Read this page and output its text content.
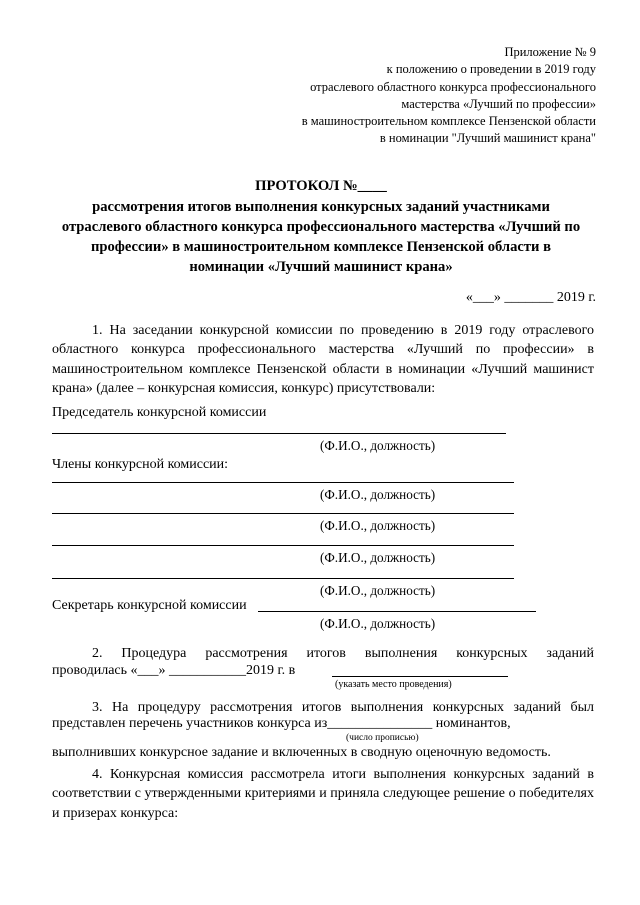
Приложение № 9
к положению о проведении в 2019 году
отраслевого областного конкурса профессионального
мастерства «Лучший по профессии»
в машиностроительном комплексе Пензенской области
в номинации "Лучший машинист крана"
ПРОТОКОЛ №____
рассмотрения итогов выполнения конкурсных заданий участниками отраслевого областного конкурса профессионального мастерства «Лучший по профессии» в машиностроительном комплексе Пензенской области в номинации «Лучший машинист крана»
«___» _______ 2019 г.
1. На заседании конкурсной комиссии по проведению в 2019 году отраслевого областного конкурса профессионального мастерства «Лучший по профессии» в машиностроительном комплексе Пензенской области в номинации «Лучший машинист крана» (далее – конкурсная комиссия, конкурс) присутствовали:
Председатель конкурсной комиссии
(Ф.И.О., должность)
Члены конкурсной комиссии:
(Ф.И.О., должность)
(Ф.И.О., должность)
(Ф.И.О., должность)
(Ф.И.О., должность)
Секретарь конкурсной комиссии
(Ф.И.О., должность)
2. Процедура рассмотрения итогов выполнения конкурсных заданий
проводилась «___» ___________2019 г. в
(указать место проведения)
3. На процедуру рассмотрения итогов выполнения конкурсных заданий был
представлен перечень участников конкурса из_______________ номинантов,
(число прописью)
выполнивших конкурсное задание и включенных в сводную оценочную ведомость.
4. Конкурсная комиссия рассмотрела итоги выполнения конкурсных заданий в соответствии с утвержденными критериями и приняла следующее решение о победителях и призерах конкурса:
